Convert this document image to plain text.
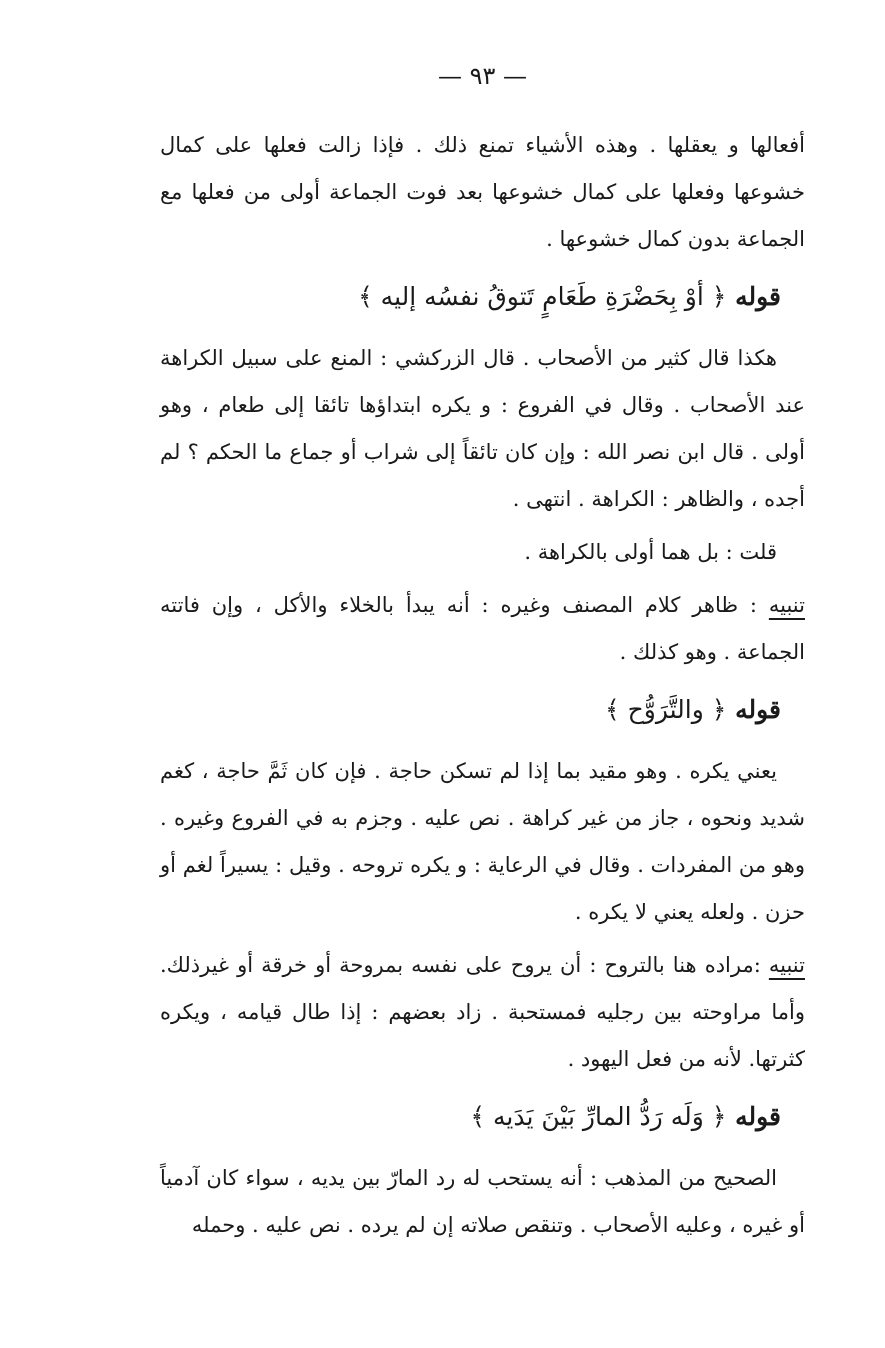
— ٩٣ —

أفعالها و يعقلها . وهذه الأشياء تمنع ذلك . فإذا زالت فعلها على كمال خشوعها وفعلها على كمال خشوعها بعد فوت الجماعة أولى من فعلها مع الجماعة بدون كمال خشوعها .

قوله ﴿ أوْ بِحَضْرَةِ طَعَامٍ تَتوقُ نفسُه إليه ﴾

هكذا قال كثير من الأصحاب . قال الزركشي : المنع على سبيل الكراهة عند الأصحاب . وقال في الفروع : و يكره ابتداؤها تائقا إلى طعام ، وهو أولى . قال ابن نصر الله : وإن كان تائقاً إلى شراب أو جماع ما الحكم ؟ لم أجده ، والظاهر : الكراهة . انتهى .

قلت : بل هما أولى بالكراهة .

تنبيه : ظاهر كلام المصنف وغيره : أنه يبدأ بالخلاء والأكل ، وإن فاتته الجماعة . وهو كذلك .

قوله ﴿ والتَّرَوُّح ﴾

يعني يكره . وهو مقيد بما إذا لم تسكن حاجة . فإن كان ثَمَّ حاجة ، كغم شديد ونحوه ، جاز من غير كراهة . نص عليه . وجزم به في الفروع وغيره . وهو من المفردات . وقال في الرعاية : و يكره تروحه . وقيل : يسيراً لغم أو حزن . ولعله يعني لا يكره .

تنبيه :مراده هنا بالتروح : أن يروح على نفسه بمروحة أو خرقة أو غيرذلك. وأما مراوحته بين رجليه فمستحبة . زاد بعضهم : إذا طال قيامه ، ويكره كثرتها. لأنه من فعل اليهود .

قوله ﴿ وَلَه رَدُّ المارِّ بَيْنَ يَدَيه ﴾

الصحيح من المذهب : أنه يستحب له رد المارّ بين يديه ، سواء كان آدمياً أو غيره ، وعليه الأصحاب . وتنقص صلاته إن لم يرده . نص عليه . وحمله
